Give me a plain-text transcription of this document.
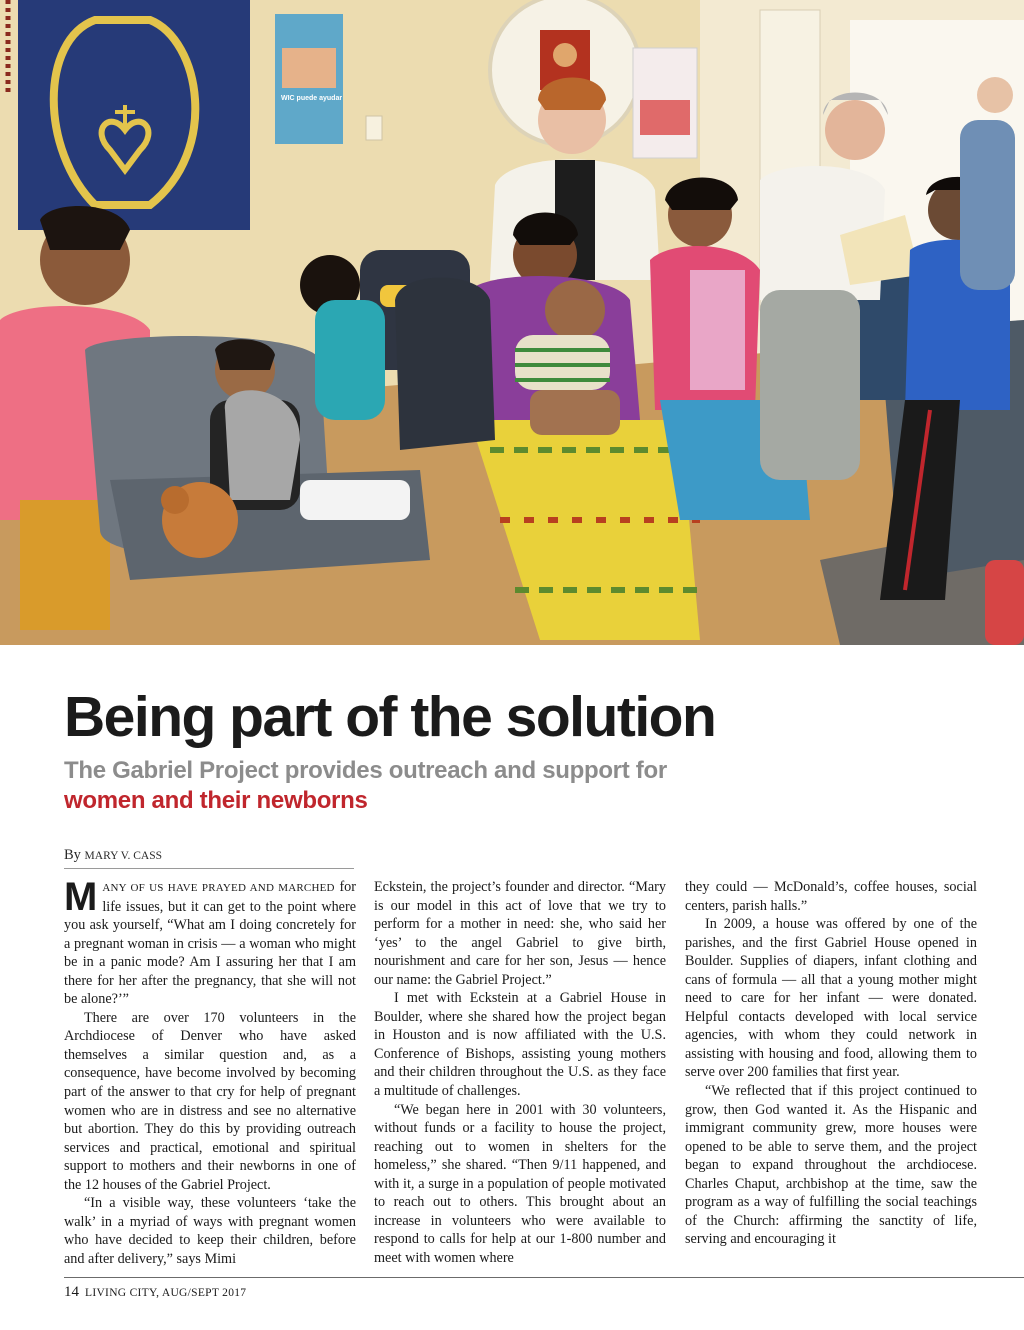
WIC puede ayudar
Being part of the solution

The Gabriel Project provides outreach and support for women and their newborns

By MARY V. CASS

MANY OF US HAVE PRAYED AND MARCHED for life issues, but it can get to the point where you ask yourself, “What am I doing concretely for a pregnant woman in crisis — a woman who might be in a panic mode? Am I assuring her that I am there for her after the pregnancy, that she will not be alone?’”

There are over 170 volunteers in the Archdiocese of Denver who have asked themselves a similar question and, as a consequence, have become involved by becoming part of the answer to that cry for help of pregnant women who are in distress and see no alternative but abortion. They do this by providing outreach services and practical, emotional and spiritual support to mothers and their newborns in one of the 12 houses of the Gabriel Project.

“In a visible way, these volunteers ‘take the walk’ in a myriad of ways with pregnant women who have decided to keep their children, before and after delivery,” says Mimi

Eckstein, the project’s founder and director. “Mary is our model in this act of love that we try to perform for a mother in need: she, who said her ‘yes’ to the angel Gabriel to give birth, nourishment and care for her son, Jesus — hence our name: the Gabriel Project.”

I met with Eckstein at a Gabriel House in Boulder, where she shared how the project began in Houston and is now affiliated with the U.S. Conference of Bishops, assisting young mothers and their children throughout the U.S. as they face a multitude of challenges.

“We began here in 2001 with 30 volunteers, without funds or a facility to house the project, reaching out to women in shelters for the homeless,” she shared. “Then 9/11 happened, and with it, a surge in a population of people motivated to reach out to others. This brought about an increase in volunteers who were available to respond to calls for help at our 1-800 number and meet with women where

they could — McDonald’s, coffee houses, social centers, parish halls.”

In 2009, a house was offered by one of the parishes, and the first Gabriel House opened in Boulder. Supplies of diapers, infant clothing and cans of formula — all that a young mother might need to care for her infant — were donated. Helpful contacts developed with local service agencies, with whom they could network in assisting with housing and food, allowing them to serve over 200 families that first year.

“We reflected that if this project continued to grow, then God wanted it. As the Hispanic and immigrant community grew, more houses were opened to be able to serve them, and the project began to expand throughout the archdiocese. Charles Chaput, archbishop at the time, saw the program as a way of fulfilling the social teachings of the Church: affirming the sanctity of life, serving and encouraging it

14 LIVING CITY, AUG/SEPT 2017
